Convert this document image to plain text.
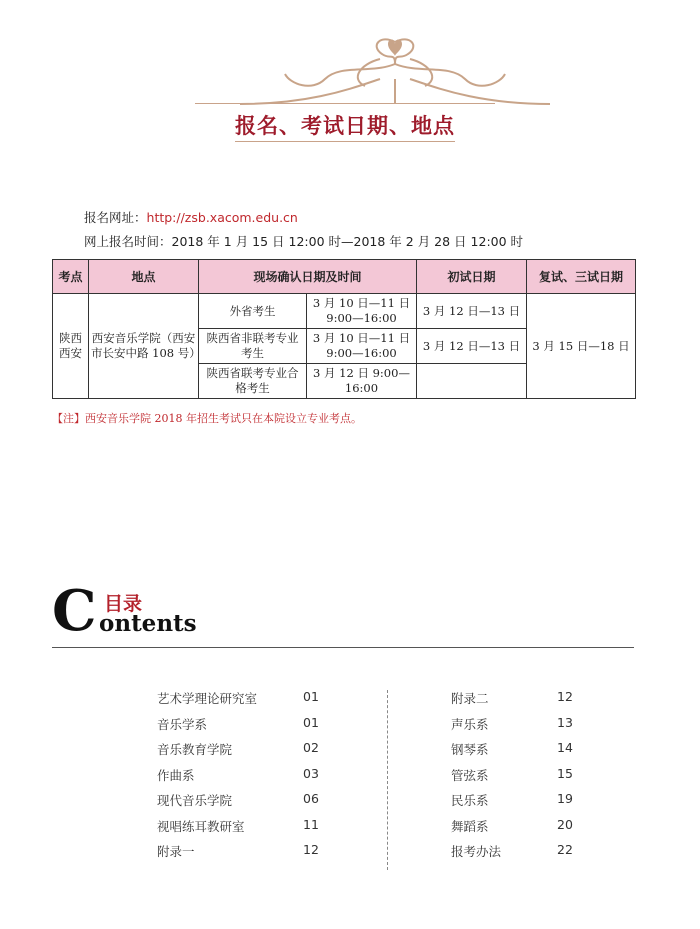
报名、考试日期、地点
报名网址：http://zsb.xacom.edu.cn
网上报名时间：2018 年 1 月 15 日 12:00 时—2018 年 2 月 28 日 12:00 时
考点	地点	现场确认日期及时间		初试日期	复试、三试日期
陕西西安	西安音乐学院（西安市长安中路 108 号）	外省考生	3 月 10 日—11 日 9:00—16:00	3 月 12 日—13 日	3 月 15 日—18 日
		陕西省非联考专业考生	3 月 10 日—11 日 9:00—16:00	3 月 12 日—13 日	
		陕西省联考专业合格考生	3 月 12 日 9:00—16:00		
【注】西安音乐学院 2018 年招生考试只在本院设立专业考点。
C 目录
ontents
艺术学理论研究室	01
音乐学系	01
音乐教育学院	02
作曲系	03
现代音乐学院	06
视唱练耳教研室	11
附录一	12
附录二	12
声乐系	13
钢琴系	14
管弦系	15
民乐系	19
舞蹈系	20
报考办法	22
